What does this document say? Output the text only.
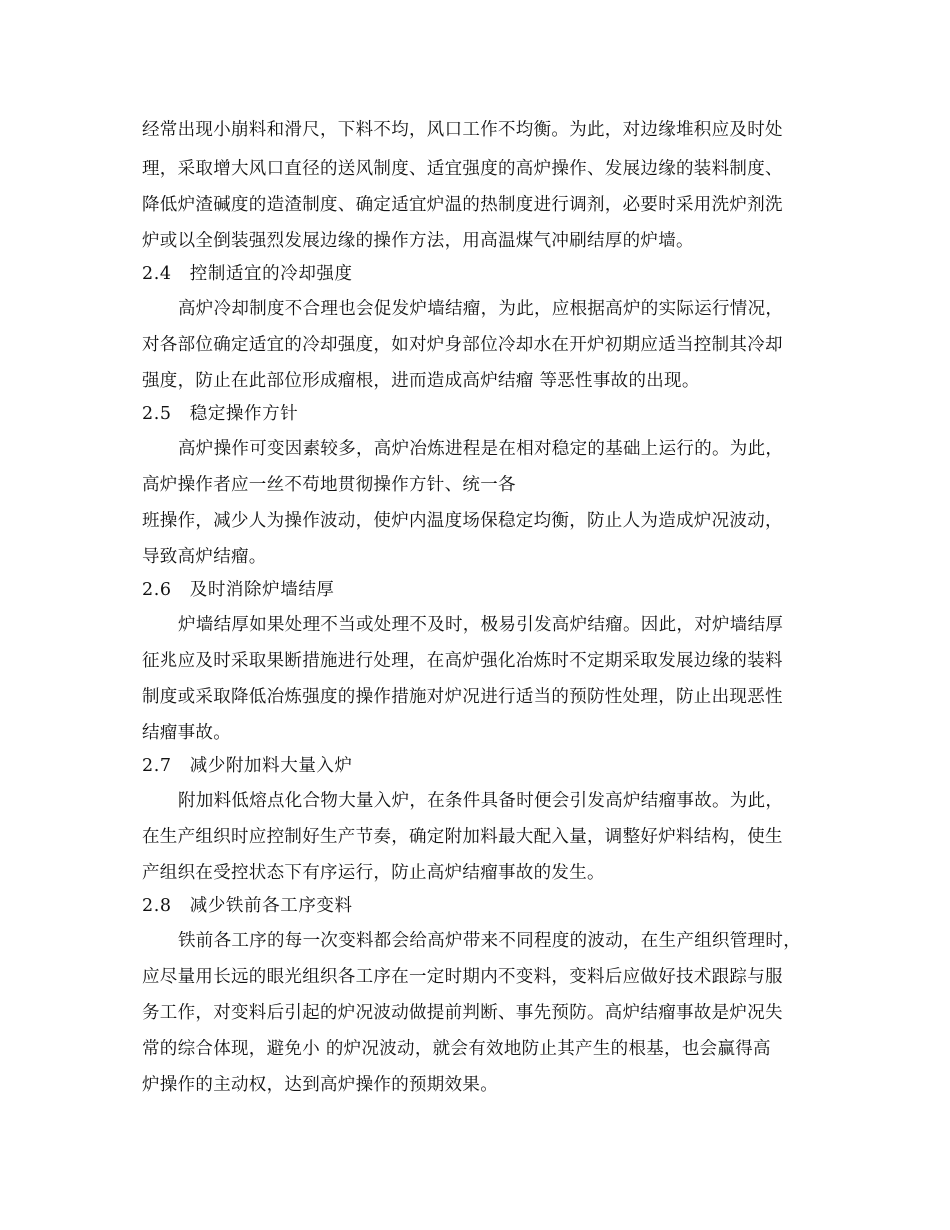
经常出现小崩料和滑尺，下料不均，风口工作不均衡。为此，对边缘堆积应及时处
理，采取增大风口直径的送风制度、适宜强度的高炉操作、发展边缘的装料制度、
降低炉渣碱度的造渣制度、确定适宜炉温的热制度进行调剂，必要时采用洗炉剂洗
炉或以全倒装强烈发展边缘的操作方法，用高温煤气冲刷结厚的炉墙。
2.4　控制适宜的冷却强度
高炉冷却制度不合理也会促发炉墙结瘤，为此，应根据高炉的实际运行情况，
对各部位确定适宜的冷却强度，如对炉身部位冷却水在开炉初期应适当控制其冷却
强度，防止在此部位形成瘤根，进而造成高炉结瘤 等恶性事故的出现。
2.5　稳定操作方针
高炉操作可变因素较多，高炉冶炼进程是在相对稳定的基础上运行的。为此，
高炉操作者应一丝不苟地贯彻操作方针、统一各
班操作，减少人为操作波动，使炉内温度场保稳定均衡，防止人为造成炉况波动，
导致高炉结瘤。
2.6　及时消除炉墙结厚
炉墙结厚如果处理不当或处理不及时，极易引发高炉结瘤。因此，对炉墙结厚
征兆应及时采取果断措施进行处理，在高炉强化冶炼时不定期采取发展边缘的装料
制度或采取降低冶炼强度的操作措施对炉况进行适当的预防性处理，防止出现恶性
结瘤事故。
2.7　减少附加料大量入炉
附加料低熔点化合物大量入炉，在条件具备时便会引发高炉结瘤事故。为此，
在生产组织时应控制好生产节奏，确定附加料最大配入量，调整好炉料结构，使生
产组织在受控状态下有序运行，防止高炉结瘤事故的发生。
2.8　减少铁前各工序变料
铁前各工序的每一次变料都会给高炉带来不同程度的波动，在生产组织管理时，
应尽量用长远的眼光组织各工序在一定时期内不变料，变料后应做好技术跟踪与服
务工作，对变料后引起的炉况波动做提前判断、事先预防。高炉结瘤事故是炉况失
常的综合体现，避免小 的炉况波动，就会有效地防止其产生的根基，也会赢得高
炉操作的主动权，达到高炉操作的预期效果。
